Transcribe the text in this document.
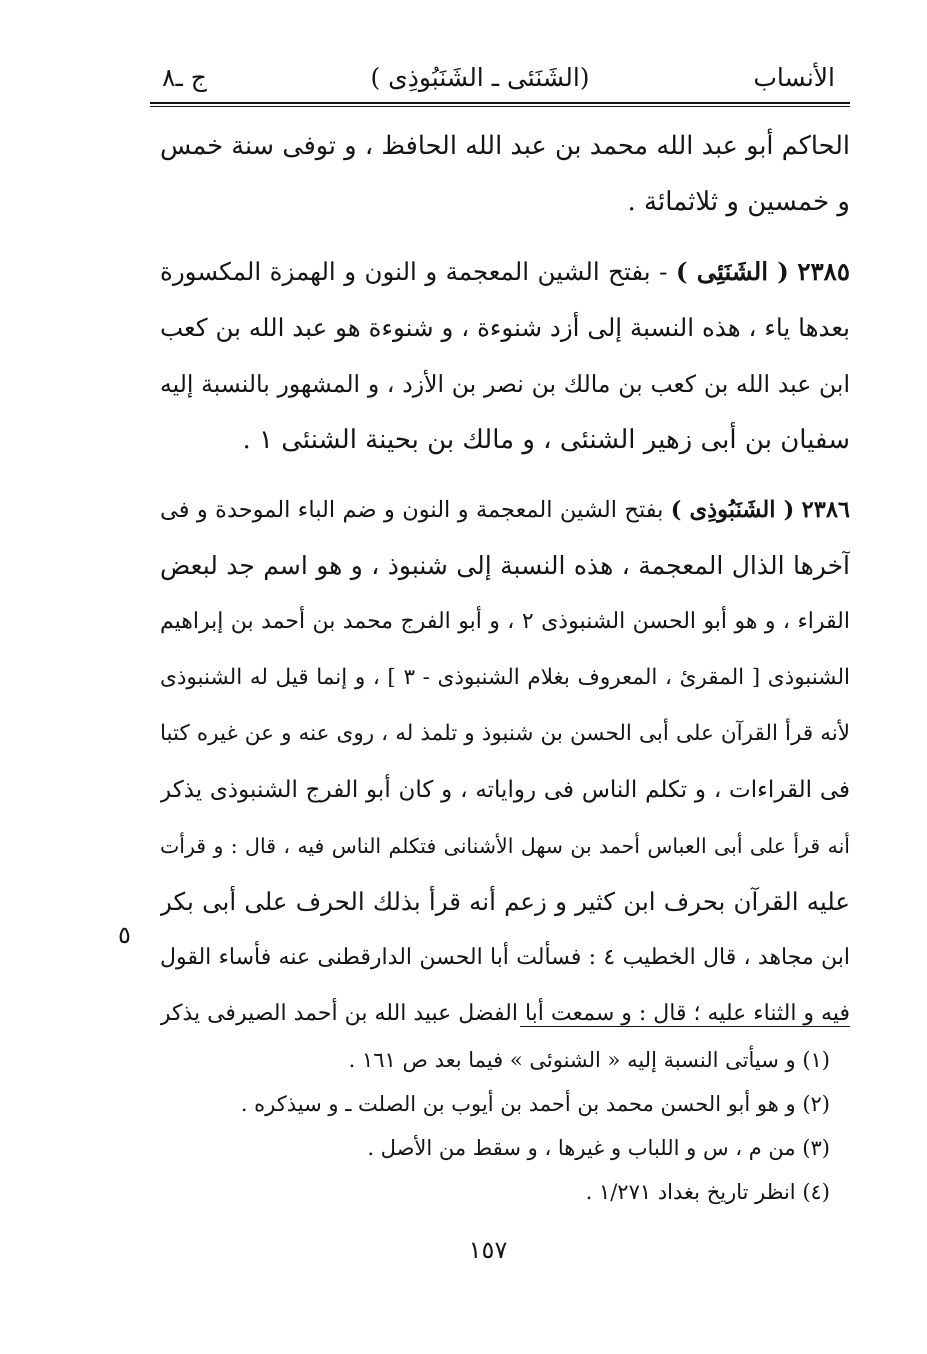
الأنساب
(الشَنَئى ـ الشَنَبُوذِى )
ج ـ٨
الحاكم أبو عبد الله محمد بن عبد الله الحافظ ، و توفى سنة خمس
و خمسين و ثلاثمائة .
٢٣٨٥ ( الشَنَئِى ) - بفتح الشين المعجمة و النون و الهمزة المكسورة
بعدها ياء ، هذه النسبة إلى أزد شنوءة ، و شنوءة هو عبد الله بن كعب
ابن عبد الله بن كعب بن مالك بن نصر بن الأزد ، و المشهور بالنسبة إليه
سفيان بن أبى زهير الشنئى ، و مالك بن بحينة الشنئى ١ .
٢٣٨٦ ( الشَنَبُوذِى ) بفتح الشين المعجمة و النون و ضم الباء الموحدة و فى
آخرها الذال المعجمة ، هذه النسبة إلى شنبوذ ، و هو اسم جد لبعض
القراء ، و هو أبو الحسن الشنبوذى ٢ ، و أبو الفرج محمد بن أحمد بن إبراهيم
الشنبوذى [ المقرئ ، المعروف بغلام الشنبوذى - ٣ ] ، و إنما قيل له الشنبوذى
لأنه قرأ القرآن على أبى الحسن بن شنبوذ و تلمذ له ، روى عنه و عن غيره كتبا
فى القراءات ، و تكلم الناس فى رواياته ، و كان أبو الفرج الشنبوذى يذكر
أنه قرأ على أبى العباس أحمد بن سهل الأشنانى فتكلم الناس فيه ، قال : و قرأت
عليه القرآن بحرف ابن كثير و زعم أنه قرأ بذلك الحرف على أبى بكر
ابن مجاهد ، قال الخطيب ٤ : فسألت أبا الحسن الدارقطنى عنه فأساء القول
فيه و الثناء عليه ؛ قال : و سمعت أبا الفضل عبيد الله بن أحمد الصيرفى يذكر
٥
(١) و سيأتى النسبة إليه « الشنوئى » فيما بعد ص ١٦١ .
(٢) و هو أبو الحسن محمد بن أحمد بن أيوب بن الصلت ـ و سيذكره .
(٣) من م ، س و اللباب و غيرها ، و سقط من الأصل .
(٤) انظر تاريخ بغداد ١/٢٧١ .
١٥٧
